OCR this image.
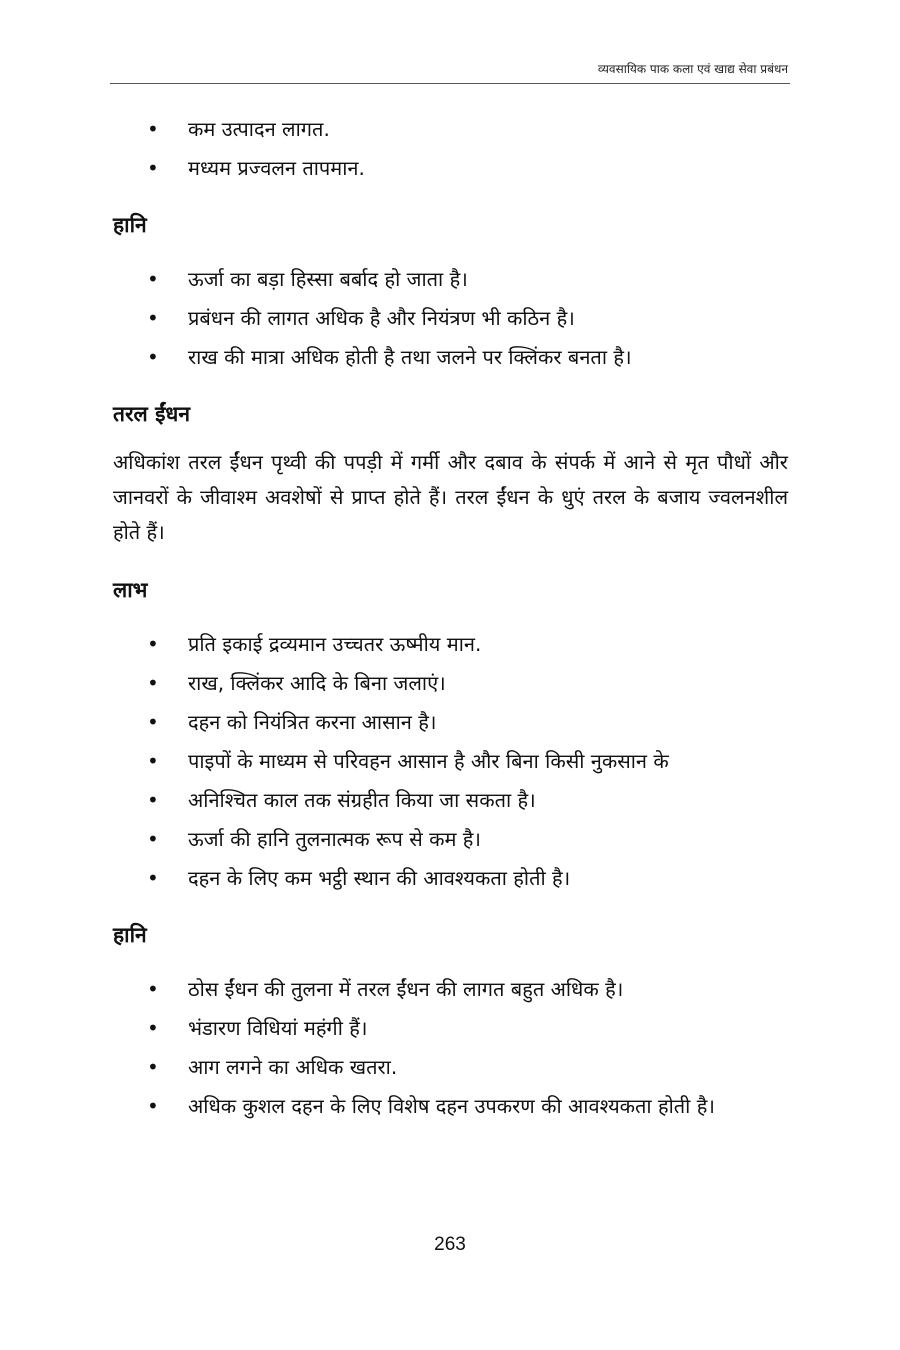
व्यवसायिक पाक कला एवं खाद्य सेवा प्रबंधन
• कम उत्पादन लागत.
• मध्यम प्रज्वलन तापमान.
हानि
• ऊर्जा का बड़ा हिस्सा बर्बाद हो जाता है।
• प्रबंधन की लागत अधिक है और नियंत्रण भी कठिन है।
• राख की मात्रा अधिक होती है तथा जलने पर क्लिंकर बनता है।
तरल ईंधन

अधिकांश तरल ईंधन पृथ्वी की पपड़ी में गर्मी और दबाव के संपर्क में आने से मृत पौधों और जानवरों के जीवाश्म अवशेषों से प्राप्त होते हैं। तरल ईंधन के धुएं तरल के बजाय ज्वलनशील होते हैं।

लाभ
• प्रति इकाई द्रव्यमान उच्चतर ऊष्मीय मान.
• राख, क्लिंकर आदि के बिना जलाएं।
• दहन को नियंत्रित करना आसान है।
• पाइपों के माध्यम से परिवहन आसान है और बिना किसी नुकसान के
• अनिश्चित काल तक संग्रहीत किया जा सकता है।
• ऊर्जा की हानि तुलनात्मक रूप से कम है।
• दहन के लिए कम भट्ठी स्थान की आवश्यकता होती है।
हानि
• ठोस ईंधन की तुलना में तरल ईंधन की लागत बहुत अधिक है।
• भंडारण विधियां महंगी हैं।
• आग लगने का अधिक खतरा.
• अधिक कुशल दहन के लिए विशेष दहन उपकरण की आवश्यकता होती है।
263
